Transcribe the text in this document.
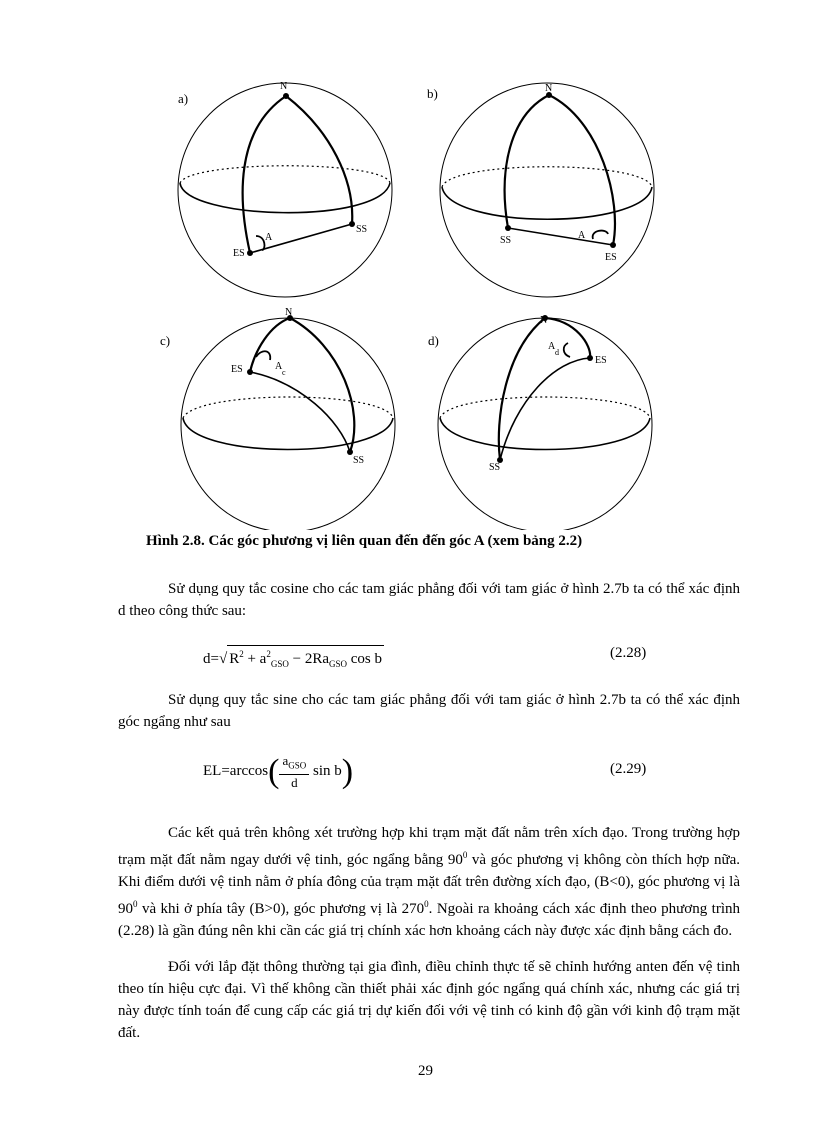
a)
N
A
ES
SS
b)	N
A
SS
ES
c)
N
ES	A
c
SS
d)
N
A
d
ES
SS
Hình 2.8. Các góc phương vị liên quan đến đến góc A (xem bảng 2.2)

Sử dụng quy tắc cosine cho các tam giác phẳng đối với tam giác ở hình 2.7b ta có thể xác định d theo công thức sau:

d=√ $R^2 + a^2_{GSO} - 2Ra_{GSO}$ cos b	(2.28)

Sử dụng quy tắc sine cho các tam giác phẳng đối với tam giác ở hình 2.7b ta có thể xác định góc ngẩng như sau

$EL=\arccos( \frac{a_{GSO}}{d}$ sin b)	(2.29)

Các kết quả trên không xét trường hợp khi trạm mặt đất nằm trên xích đạo. Trong trường hợp trạm mặt đất nằm ngay dưới vệ tinh, góc ngẩng bằng $90^0$ và góc phương vị không còn thích hợp nữa. Khi điểm dưới vệ tinh nằm ở phía đông của trạm mặt đất trên đường xích đạo, (B<0), góc phương vị là $90^0$ và khi ở phía tây (B>0), góc phương vị là $270^0$. Ngoài ra khoảng cách xác định theo phương trình (2.28) là gần đúng nên khi cần các giá trị chính xác hơn khoảng cách này được xác định bằng cách đo.

Đối với lắp đặt thông thường tại gia đình, điều chỉnh thực tế sẽ chỉnh hướng anten đến vệ tinh theo tín hiệu cực đại. Vì thế không cần thiết phải xác định góc ngẩng quá chính xác, nhưng các giá trị này được tính toán để cung cấp các giá trị dự kiến đối với vệ tinh có kinh độ gần với kinh độ trạm mặt đất.

29
